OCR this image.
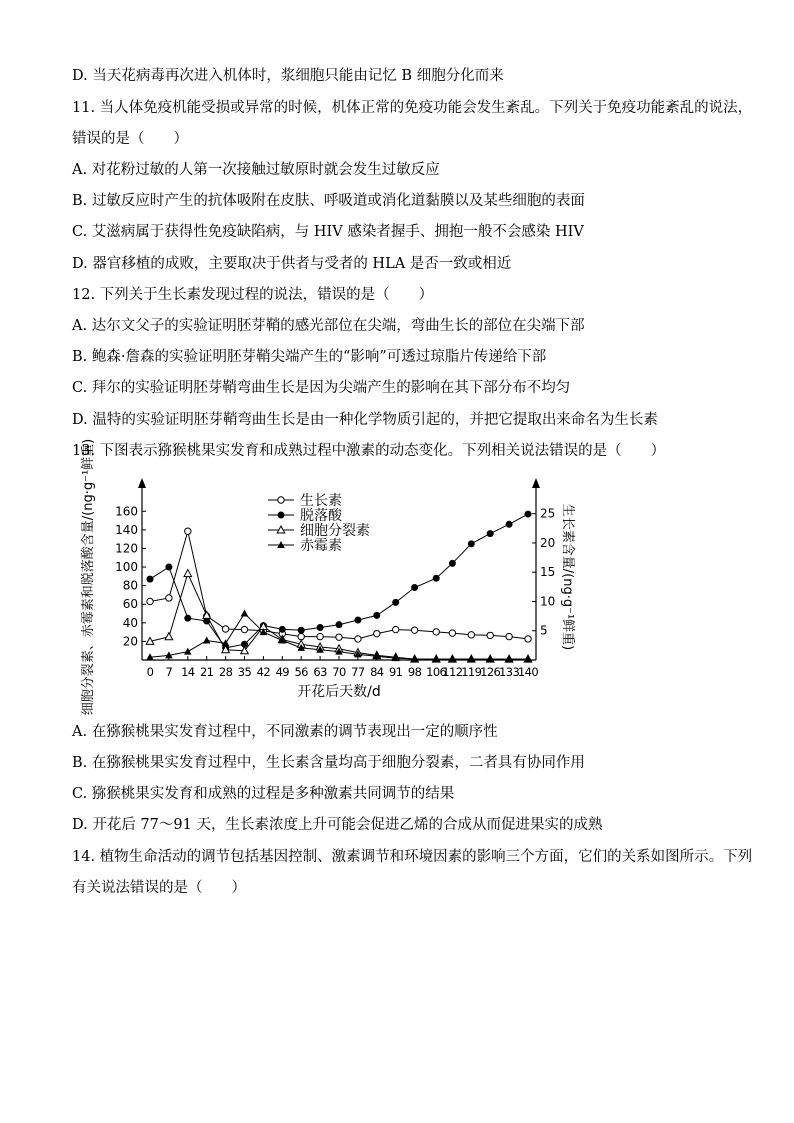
D. 当天花病毒再次进入机体时，浆细胞只能由记忆 B 细胞分化而来
11. 当人体免疫机能受损或异常的时候，机体正常的免疫功能会发生紊乱。下列关于免疫功能紊乱的说法，
错误的是（　　）
A. 对花粉过敏的人第一次接触过敏原时就会发生过敏反应
B. 过敏反应时产生的抗体吸附在皮肤、呼吸道或消化道黏膜以及某些细胞的表面
C. 艾滋病属于获得性免疫缺陷病，与 HIV 感染者握手、拥抱一般不会感染 HIV
D. 器官移植的成败，主要取决于供者与受者的 HLA 是否一致或相近
12. 下列关于生长素发现过程的说法，错误的是（　　）
A. 达尔文父子的实验证明胚芽鞘的感光部位在尖端，弯曲生长的部位在尖端下部
B. 鲍森·詹森的实验证明胚芽鞘尖端产生的“影响”可透过琼脂片传递给下部
C. 拜尔的实验证明胚芽鞘弯曲生长是因为尖端产生的影响在其下部分布不均匀
D. 温特的实验证明胚芽鞘弯曲生长是由一种化学物质引起的，并把它提取出来命名为生长素
13. 下图表示猕猴桃果实发育和成熟过程中激素的动态变化。下列相关说法错误的是（　　）
20
40
60
80
100
120
140
160
5
10
15
20
25
0 7 14 21 28 35 42 49 56 63 70 77 84 91 98 106
112
119
126
133
140
开花后天数/d
细胞分裂素、赤霉素和脱落酸含量/(ng·g⁻¹鲜重)	生长素含量/(ng·g⁻¹鲜重)
生长素
脱落酸
细胞分裂素
赤霉素
A. 在猕猴桃果实发育过程中，不同激素的调节表现出一定的顺序性
B. 在猕猴桃果实发育过程中，生长素含量均高于细胞分裂素，二者具有协同作用
C. 猕猴桃果实发育和成熟的过程是多种激素共同调节的结果
D. 开花后 77～91 天，生长素浓度上升可能会促进乙烯的合成从而促进果实的成熟
14. 植物生命活动的调节包括基因控制、激素调节和环境因素的影响三个方面，它们的关系如图所示。下列
有关说法错误的是（　　）
